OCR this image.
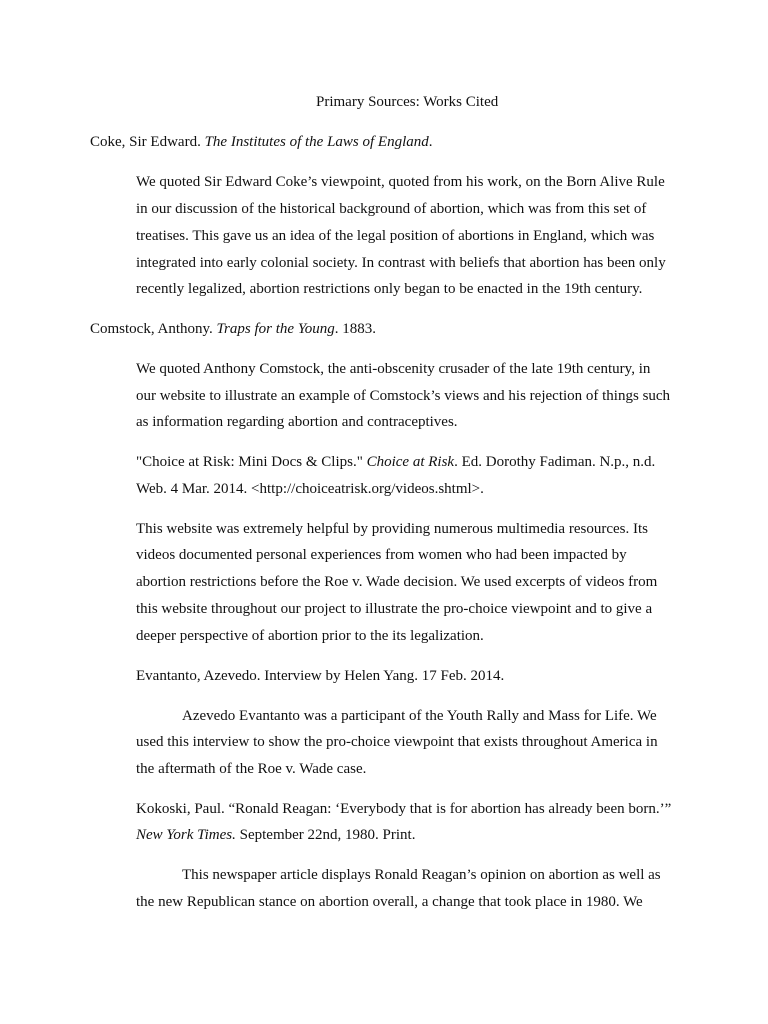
Primary Sources: Works Cited

Coke, Sir Edward. The Institutes of the Laws of England.

We quoted Sir Edward Coke’s viewpoint, quoted from his work, on the Born Alive Rule

in our discussion of the historical background of abortion, which was from this set of

treatises. This gave us an idea of the legal position of abortions in England, which was

integrated into early colonial society. In contrast with beliefs that abortion has been only

recently legalized, abortion restrictions only began to be enacted in the 19th century.

Comstock, Anthony. Traps for the Young. 1883.

We quoted Anthony Comstock, the anti-obscenity crusader of the late 19th century, in

our website to illustrate an example of Comstock’s views and his rejection of things such

as information regarding abortion and contraceptives.

"Choice at Risk: Mini Docs & Clips." Choice at Risk. Ed. Dorothy Fadiman. N.p., n.d.

Web. 4 Mar. 2014. <http://choiceatrisk.org/videos.shtml>.

This website was extremely helpful by providing numerous multimedia resources. Its

videos documented personal experiences from women who had been impacted by

abortion restrictions before the Roe v. Wade decision. We used excerpts of videos from

this website throughout our project to illustrate the pro-choice viewpoint and to give a

deeper perspective of abortion prior to the its legalization.

Evantanto, Azevedo. Interview by Helen Yang. 17 Feb. 2014.

Azevedo Evantanto was a participant of the Youth Rally and Mass for Life. We

used this interview to show the pro-choice viewpoint that exists throughout America in

the aftermath of the Roe v. Wade case.

Kokoski, Paul. “Ronald Reagan: ‘Everybody that is for abortion has already been born.’”

New York Times. September 22nd, 1980. Print.

This newspaper article displays Ronald Reagan’s opinion on abortion as well as

the new Republican stance on abortion overall, a change that took place in 1980. We
